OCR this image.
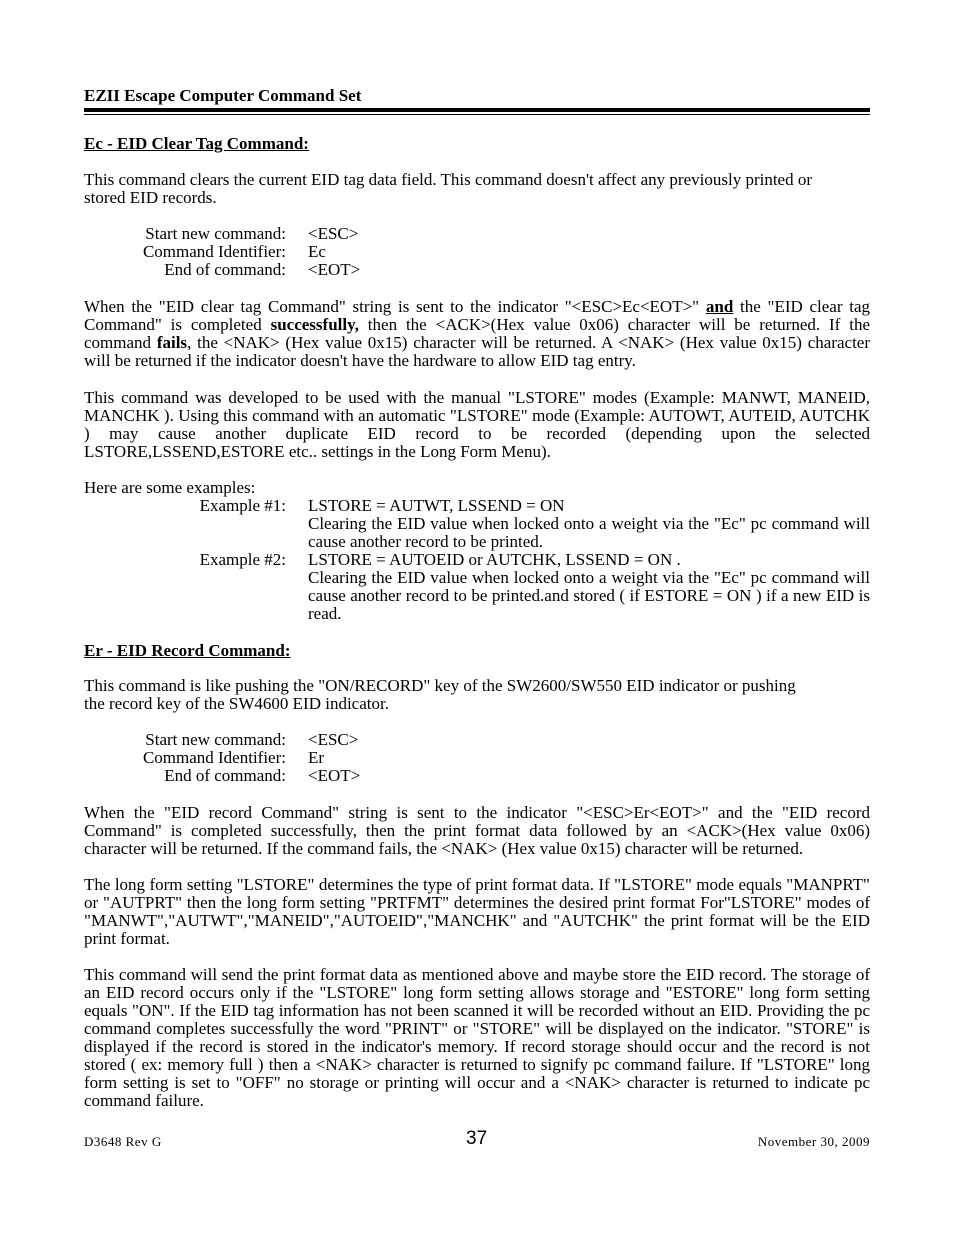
EZII Escape Computer Command Set
Ec - EID Clear Tag Command:

This command clears the current EID tag data field. This command doesn't affect any previously printed or stored EID records.

Start new command: <ESC>
Command Identifier: Ec
End of command: <EOT>

When the "EID clear tag Command" string is sent to the indicator "<ESC>Ec<EOT>" and the "EID clear tag Command" is completed successfully, then the <ACK>(Hex value 0x06) character will be returned. If the command fails, the <NAK> (Hex value 0x15) character will be returned. A <NAK> (Hex value 0x15) character will be returned if the indicator doesn't have the hardware to allow EID tag entry.

This command was developed to be used with the manual "LSTORE" modes (Example: MANWT, MANEID, MANCHK ). Using this command with an automatic "LSTORE" mode (Example: AUTOWT, AUTEID, AUTCHK ) may cause another duplicate EID record to be recorded (depending upon the selected LSTORE,LSSEND,ESTORE etc.. settings in the Long Form Menu).

Here are some examples:

Example #1: LSTORE = AUTWT, LSSEND = ON
Clearing the EID value when locked onto a weight via the "Ec" pc command will cause another record to be printed.
Example #2: LSTORE = AUTOEID or AUTCHK, LSSEND = ON .
Clearing the EID value when locked onto a weight via the "Ec" pc command will cause another record to be printed.and stored ( if ESTORE = ON ) if a new EID is read.
Er - EID Record Command:

This command is like pushing the "ON/RECORD" key of the SW2600/SW550 EID indicator or pushing the record key of the SW4600 EID indicator.

Start new command: <ESC>
Command Identifier: Er
End of command: <EOT>

When the "EID record Command" string is sent to the indicator "<ESC>Er<EOT>" and the "EID record Command" is completed successfully, then the print format data followed by an <ACK>(Hex value 0x06) character will be returned. If the command fails, the <NAK> (Hex value 0x15) character will be returned.

The long form setting "LSTORE" determines the type of print format data. If "LSTORE" mode equals "MANPRT" or "AUTPRT" then the long form setting "PRTFMT" determines the desired print format For"LSTORE" modes of "MANWT","AUTWT","MANEID","AUTOEID","MANCHK" and "AUTCHK" the print format will be the EID print format.

This command will send the print format data as mentioned above and maybe store the EID record. The storage of an EID record occurs only if the "LSTORE" long form setting allows storage and "ESTORE" long form setting equals "ON". If the EID tag information has not been scanned it will be recorded without an EID. Providing the pc command completes successfully the word "PRINT" or "STORE" will be displayed on the indicator. "STORE" is displayed if the record is stored in the indicator's memory. If record storage should occur and the record is not stored ( ex: memory full ) then a <NAK> character is returned to signify pc command failure. If "LSTORE" long form setting is set to "OFF" no storage or printing will occur and a <NAK> character is returned to indicate pc command failure.

D3648 Rev G	37	November 30, 2009
